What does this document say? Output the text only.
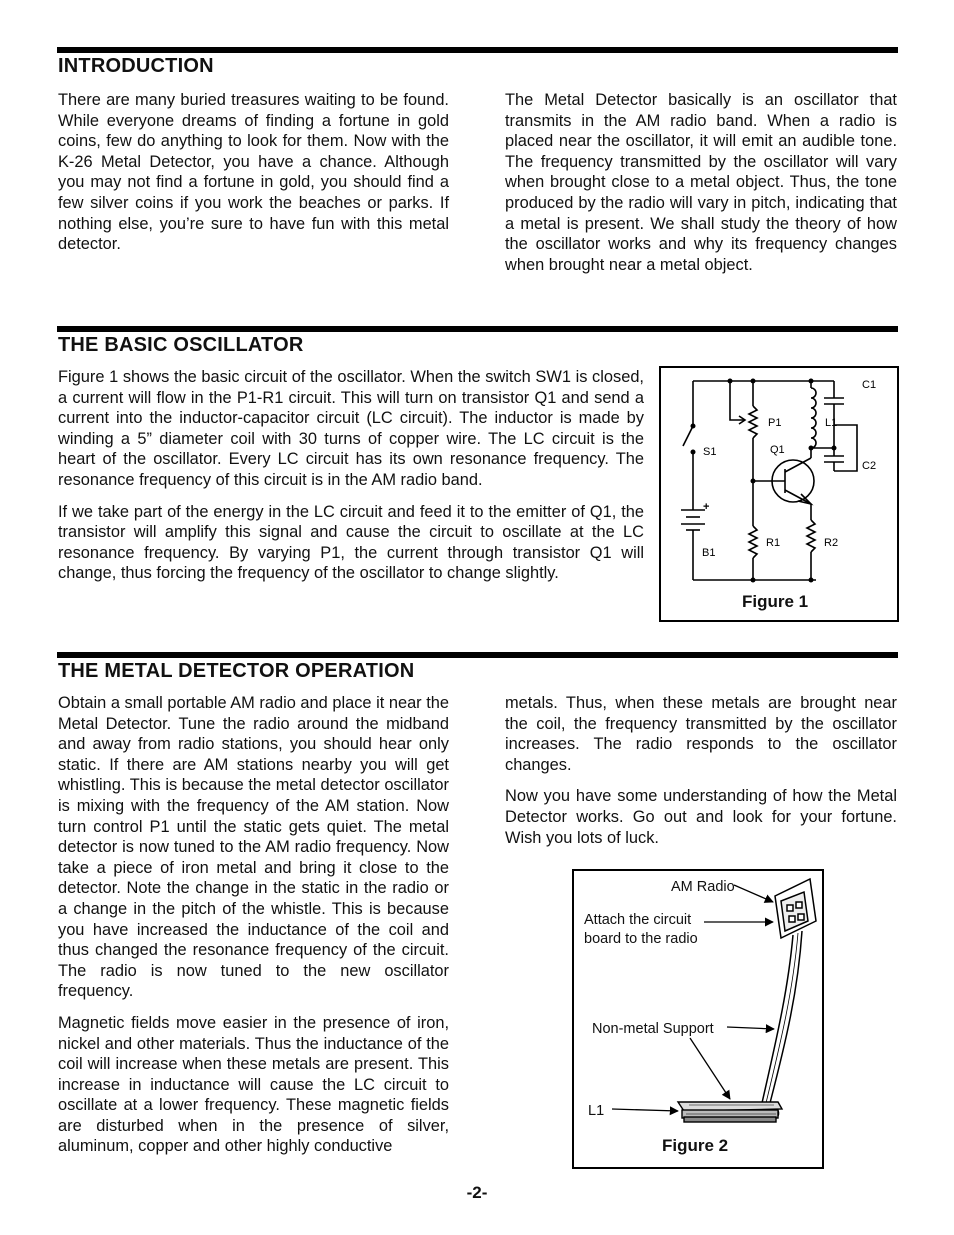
INTRODUCTION

There are many buried treasures waiting to be found. While everyone dreams of finding a fortune in gold coins, few do anything to look for them. Now with the K-26 Metal Detector, you have a chance. Although you may not find a fortune in gold, you should find a few silver coins if you work the beaches or parks. If nothing else, you’re sure to have fun with this metal detector.

The Metal Detector basically is an oscillator that transmits in the AM radio band. When a radio is placed near the oscillator, it will emit an audible tone. The frequency transmitted by the oscillator will vary when brought close to a metal object. Thus, the tone produced by the radio will vary in pitch, indicating that a metal is present. We shall study the theory of how the oscillator works and why its frequency changes when brought near a metal object.

THE BASIC OSCILLATOR

Figure 1 shows the basic circuit of the oscillator. When the switch SW1 is closed, a current will flow in the P1-R1 circuit. This will turn on transistor Q1 and send a current into the inductor-capacitor circuit (LC circuit). The inductor is made by winding a 5” diameter coil with 30 turns of copper wire. The LC circuit is the heart of the oscillator. Every LC circuit has its own resonance frequency. The resonance frequency of this circuit is in the AM radio band.

If we take part of the energy in the LC circuit and feed it to the emitter of Q1, the transistor will amplify this signal and cause the circuit to oscillate at the LC resonance frequency. By varying P1, the current through transistor Q1 will change, thus forcing the frequency of the oscillator to change slightly.

C1
P1	L1
S1	Q1
C2
+
R1	R2
B1
Figure 1
THE METAL DETECTOR OPERATION

Obtain a small portable AM radio and place it near the Metal Detector. Tune the radio around the midband and away from radio stations, you should hear only static. If there are AM stations nearby you will get whistling. This is because the metal detector oscillator is mixing with the frequency of the AM station. Now turn control P1 until the static gets quiet. The metal detector is now tuned to the AM radio frequency. Now take a piece of iron metal and bring it close to the detector. Note the change in the static in the radio or a change in the pitch of the whistle. This is because you have increased the inductance of the coil and thus changed the resonance frequency of the circuit. The radio is now tuned to the new oscillator frequency.

Magnetic fields move easier in the presence of iron, nickel and other materials. Thus the inductance of the coil will increase when these metals are present. This increase in inductance will cause the LC circuit to oscillate at a lower frequency. These magnetic fields are disturbed when in the presence of silver, aluminum, copper and other highly conductive

metals. Thus, when these metals are brought near the coil, the frequency transmitted by the oscillator increases. The radio responds to the oscillator changes.

Now you have some understanding of how the Metal Detector works. Go out and look for your fortune. Wish you lots of luck.

AM Radio
Attach the circuit
board to the radio
Non-metal Support
L1
Figure 2
-2-
